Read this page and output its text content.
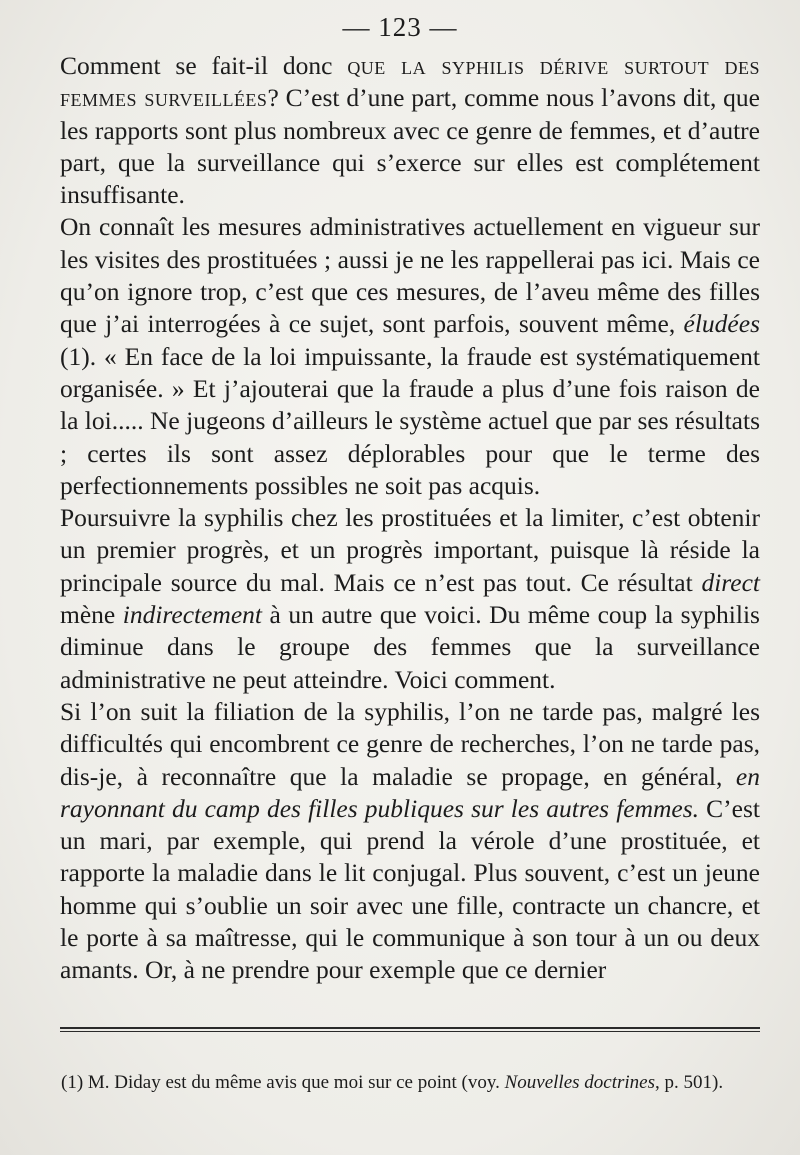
— 123 —

Comment se fait-il donc que la syphilis dérive surtout des femmes surveillées? C’est d’une part, comme nous l’avons dit, que les rapports sont plus nombreux avec ce genre de femmes, et d’autre part, que la surveillance qui s’exerce sur elles est complétement insuffisante.

On connaît les mesures administratives actuellement en vigueur sur les visites des prostituées ; aussi je ne les rappellerai pas ici. Mais ce qu’on ignore trop, c’est que ces mesures, de l’aveu même des filles que j’ai interrogées à ce sujet, sont parfois, souvent même, éludées (1). « En face de la loi impuissante, la fraude est systématiquement organisée. » Et j’ajouterai que la fraude a plus d’une fois raison de la loi..... Ne jugeons d’ailleurs le système actuel que par ses résultats ; certes ils sont assez déplorables pour que le terme des perfectionnements possibles ne soit pas acquis.

Poursuivre la syphilis chez les prostituées et la limiter, c’est obtenir un premier progrès, et un progrès important, puisque là réside la principale source du mal. Mais ce n’est pas tout. Ce résultat direct mène indirectement à un autre que voici. Du même coup la syphilis diminue dans le groupe des femmes que la surveillance administrative ne peut atteindre. Voici comment.

Si l’on suit la filiation de la syphilis, l’on ne tarde pas, malgré les difficultés qui encombrent ce genre de recherches, l’on ne tarde pas, dis-je, à reconnaître que la maladie se propage, en général, en rayonnant du camp des filles publiques sur les autres femmes. C’est un mari, par exemple, qui prend la vérole d’une prostituée, et rapporte la maladie dans le lit conjugal. Plus souvent, c’est un jeune homme qui s’oublie un soir avec une fille, contracte un chancre, et le porte à sa maîtresse, qui le communique à son tour à un ou deux amants. Or, à ne prendre pour exemple que ce dernier

(1) M. Diday est du même avis que moi sur ce point (voy. Nouvelles doctrines, p. 501).
